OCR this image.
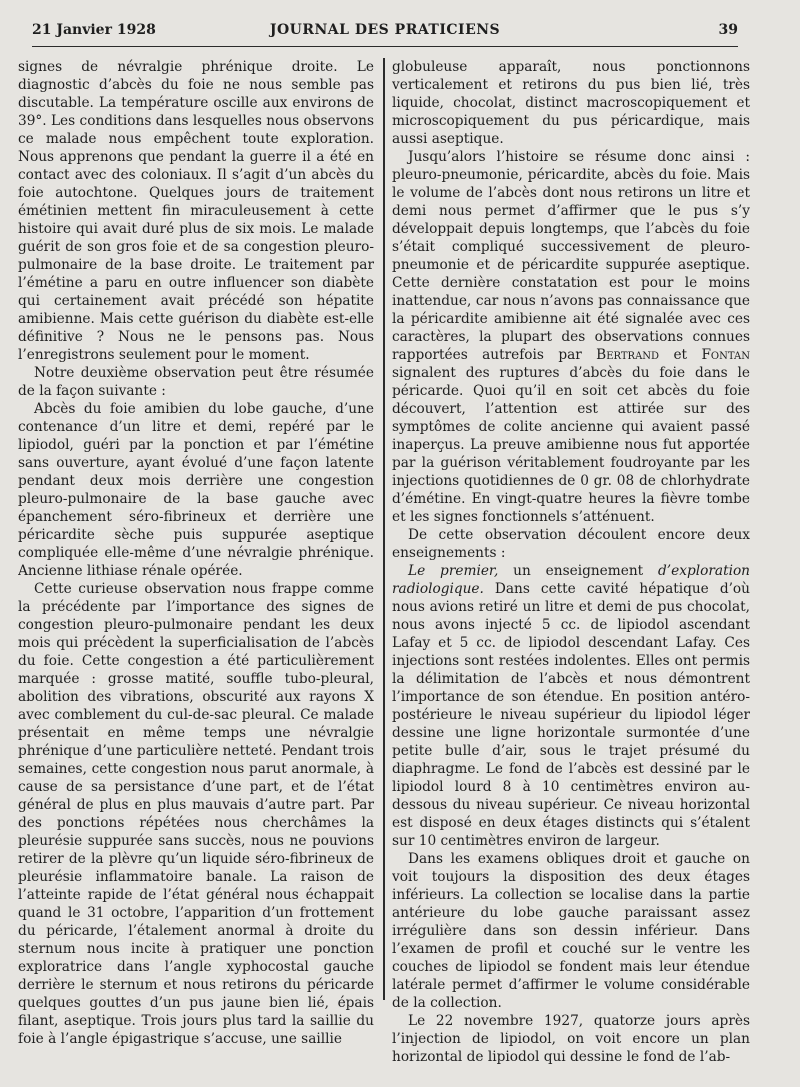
21 Janvier 1928	JOURNAL DES PRATICIENS	39

signes de névralgie phrénique droite. Le diagnostic d’abcès du foie ne nous semble pas discutable. La température oscille aux environs de 39°. Les conditions dans lesquelles nous observons ce malade nous empêchent toute exploration. Nous apprenons que pendant la guerre il a été en contact avec des coloniaux. Il s’agit d’un abcès du foie autochtone. Quelques jours de traitement émétinien mettent fin miraculeusement à cette histoire qui avait duré plus de six mois. Le malade guérit de son gros foie et de sa congestion pleuro-pulmonaire de la base droite. Le traitement par l’émétine a paru en outre influencer son diabète qui certainement avait précédé son hépatite amibienne. Mais cette guérison du diabète est-elle définitive ? Nous ne le pensons pas. Nous l’enregistrons seulement pour le moment.

Notre deuxième observation peut être résumée de la façon suivante :

Abcès du foie amibien du lobe gauche, d’une contenance d’un litre et demi, repéré par le lipiodol, guéri par la ponction et par l’émétine sans ouverture, ayant évolué d’une façon latente pendant deux mois derrière une congestion pleuro-pulmonaire de la base gauche avec épanchement séro-fibrineux et derrière une péricardite sèche puis suppurée aseptique compliquée elle-même d’une névralgie phrénique. Ancienne lithiase rénale opérée.

Cette curieuse observation nous frappe comme la précédente par l’importance des signes de congestion pleuro-pulmonaire pendant les deux mois qui précèdent la superficialisation de l’abcès du foie. Cette congestion a été particulièrement marquée : grosse matité, souffle tubo-pleural, abolition des vibrations, obscurité aux rayons X avec comblement du cul-de-sac pleural. Ce malade présentait en même temps une névralgie phrénique d’une particulière netteté. Pendant trois semaines, cette congestion nous parut anormale, à cause de sa persistance d’une part, et de l’état général de plus en plus mauvais d’autre part. Par des ponctions répétées nous cherchâmes la pleurésie suppurée sans succès, nous ne pouvions retirer de la plèvre qu’un liquide séro-fibrineux de pleurésie inflammatoire banale. La raison de l’atteinte rapide de l’état général nous échappait quand le 31 octobre, l’apparition d’un frottement du péricarde, l’étalement anormal à droite du sternum nous incite à pratiquer une ponction exploratrice dans l’angle xyphocostal gauche derrière le sternum et nous retirons du péricarde quelques gouttes d’un pus jaune bien lié, épais filant, aseptique. Trois jours plus tard la saillie du foie à l’angle épigastrique s’accuse, une saillie

globuleuse apparaît, nous ponctionnons verticalement et retirons du pus bien lié, très liquide, chocolat, distinct macroscopiquement et microscopiquement du pus péricardique, mais aussi aseptique.

Jusqu’alors l’histoire se résume donc ainsi : pleuro-pneumonie, péricardite, abcès du foie. Mais le volume de l’abcès dont nous retirons un litre et demi nous permet d’affirmer que le pus s’y développait depuis longtemps, que l’abcès du foie s’était compliqué successivement de pleuro-pneumonie et de péricardite suppurée aseptique. Cette dernière constatation est pour le moins inattendue, car nous n’avons pas connaissance que la péricardite amibienne ait été signalée avec ces caractères, la plupart des observations connues rapportées autrefois par Bertrand et Fontan signalent des ruptures d’abcès du foie dans le péricarde. Quoi qu’il en soit cet abcès du foie découvert, l’attention est attirée sur des symptômes de colite ancienne qui avaient passé inaperçus. La preuve amibienne nous fut apportée par la guérison véritablement foudroyante par les injections quotidiennes de 0 gr. 08 de chlorhydrate d’émétine. En vingt-quatre heures la fièvre tombe et les signes fonctionnels s’atténuent.

De cette observation découlent encore deux enseignements :

Le premier, un enseignement d’exploration radiologique. Dans cette cavité hépatique d’où nous avions retiré un litre et demi de pus chocolat, nous avons injecté 5 cc. de lipiodol ascendant Lafay et 5 cc. de lipiodol descendant Lafay. Ces injections sont restées indolentes. Elles ont permis la délimitation de l’abcès et nous démontrent l’importance de son étendue. En position antéro-postérieure le niveau supérieur du lipiodol léger dessine une ligne horizontale surmontée d’une petite bulle d’air, sous le trajet présumé du diaphragme. Le fond de l’abcès est dessiné par le lipiodol lourd 8 à 10 centimètres environ au-dessous du niveau supérieur. Ce niveau horizontal est disposé en deux étages distincts qui s’étalent sur 10 centimètres environ de largeur.

Dans les examens obliques droit et gauche on voit toujours la disposition des deux étages inférieurs. La collection se localise dans la partie antérieure du lobe gauche paraissant assez irrégulière dans son dessin inférieur. Dans l’examen de profil et couché sur le ventre les couches de lipiodol se fondent mais leur étendue latérale permet d’affirmer le volume considérable de la collection.

Le 22 novembre 1927, quatorze jours après l’injection de lipiodol, on voit encore un plan horizontal de lipiodol qui dessine le fond de l’ab-
